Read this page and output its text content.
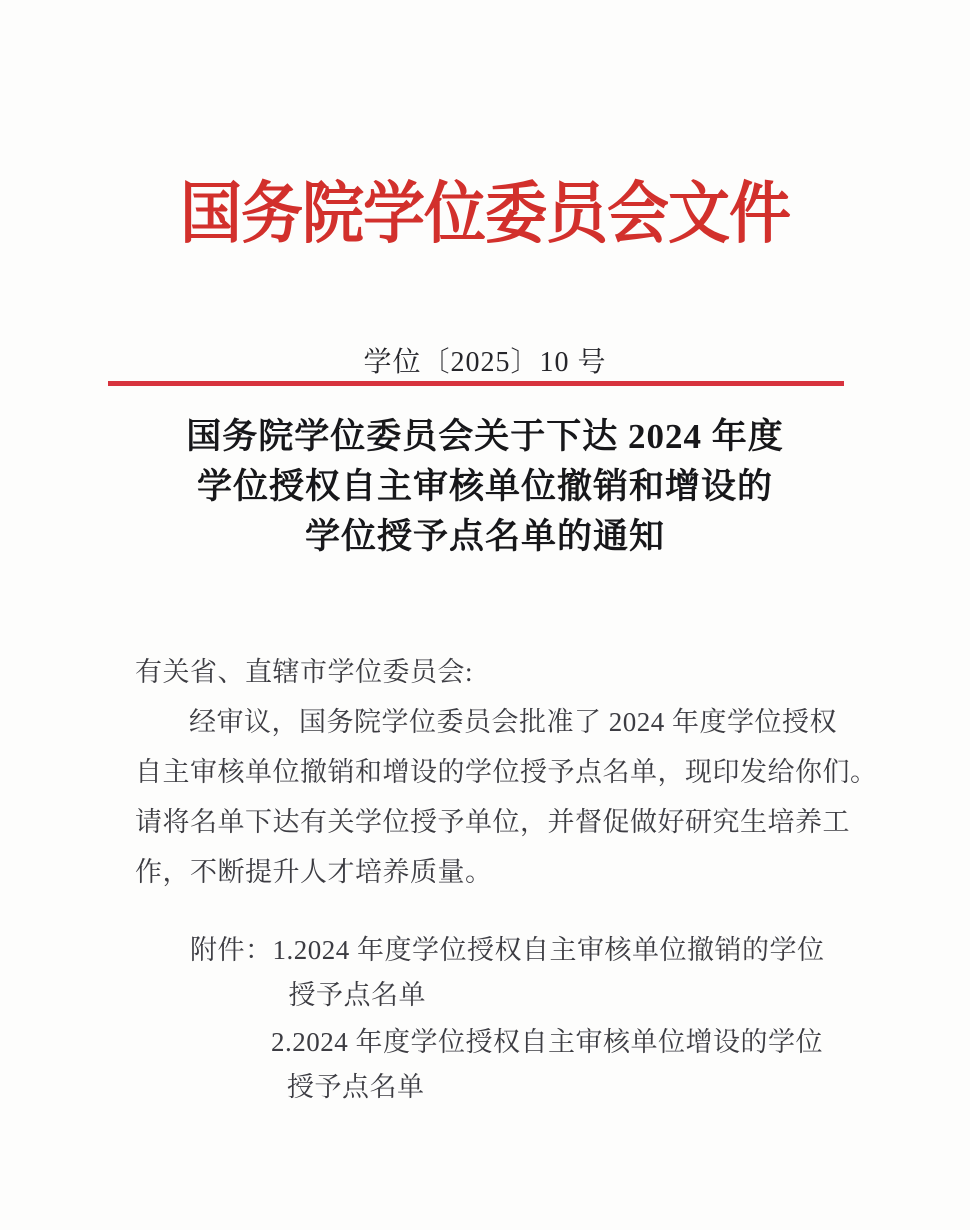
国务院学位委员会文件
学位〔2025〕10 号
国务院学位委员会关于下达 2024 年度
学位授权自主审核单位撤销和增设的
学位授予点名单的通知

有关省、直辖市学位委员会:

经审议，国务院学位委员会批准了 2024 年度学位授权

自主审核单位撤销和增设的学位授予点名单，现印发给你们。

请将名单下达有关学位授予单位，并督促做好研究生培养工

作，不断提升人才培养质量。

附件： 1.2024 年度学位授权自主审核单位撤销的学位
授予点名单
2.2024 年度学位授权自主审核单位增设的学位
授予点名单
